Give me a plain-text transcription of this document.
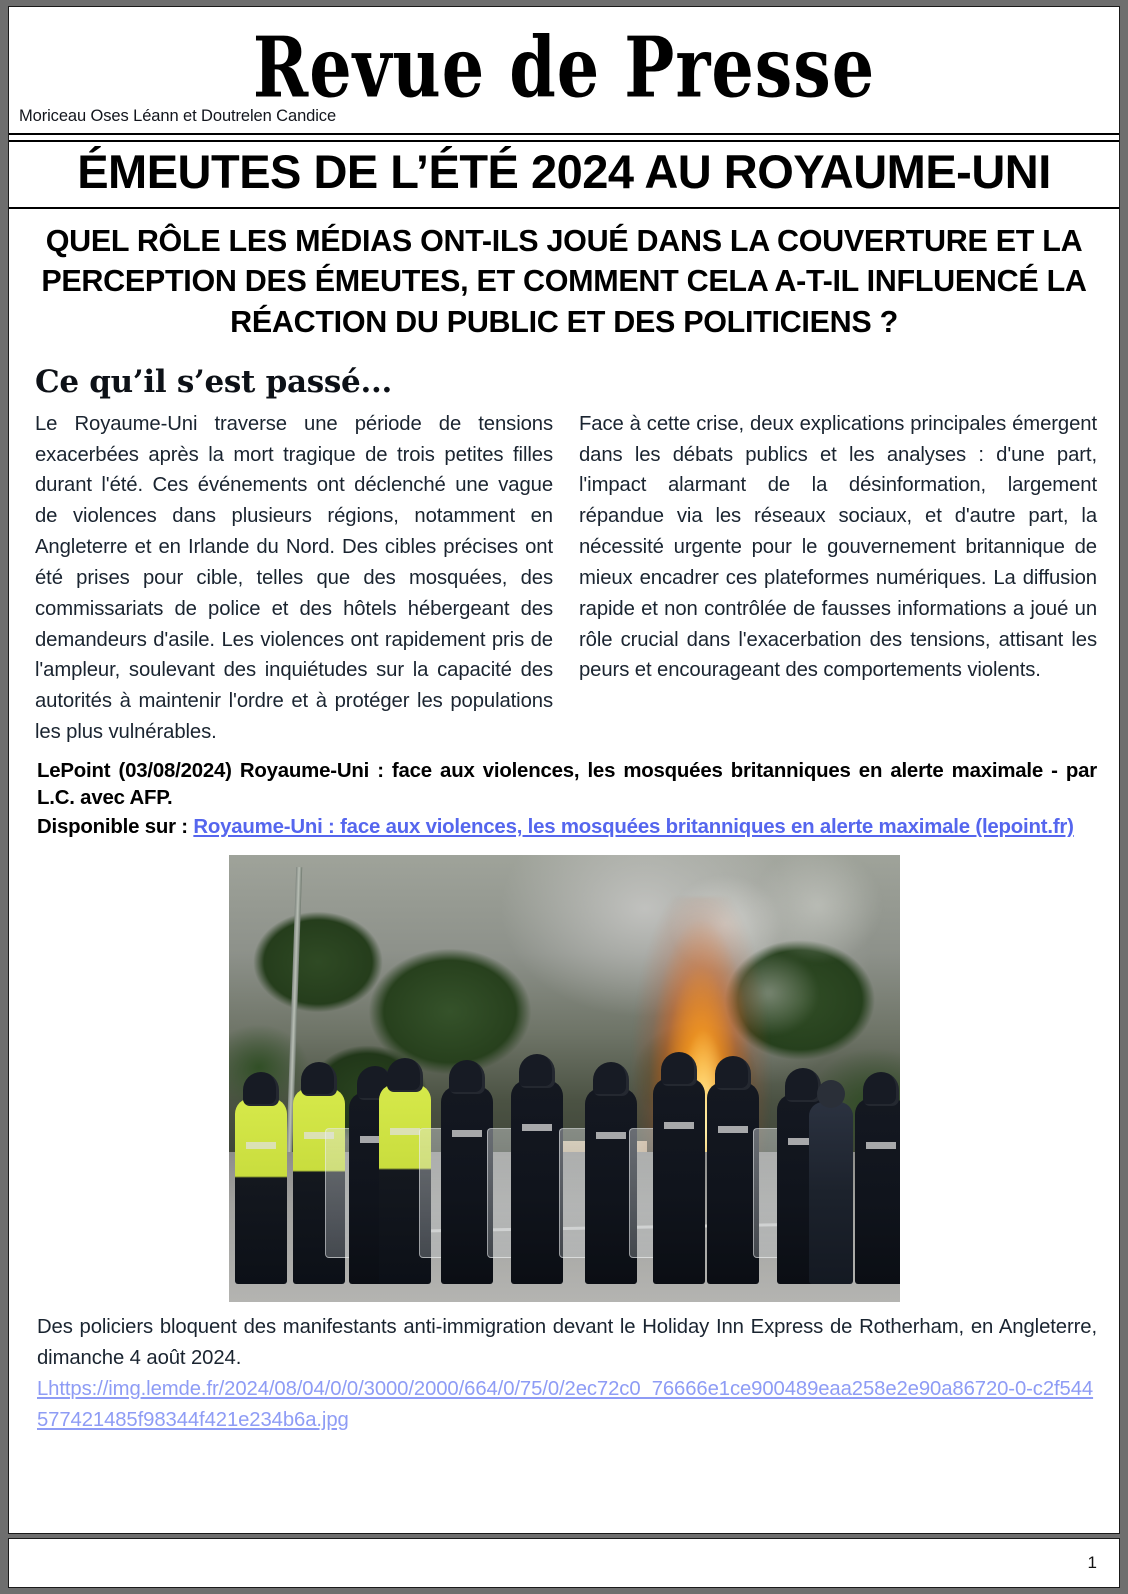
Revue de Presse
Moriceau Oses Léann et Doutrelen Candice
ÉMEUTES DE L’ÉTÉ 2024 AU ROYAUME-UNI
QUEL RÔLE LES MÉDIAS ONT-ILS JOUÉ DANS LA COUVERTURE ET LA PERCEPTION DES ÉMEUTES, ET COMMENT CELA A-T-IL INFLUENCÉ LA RÉACTION DU PUBLIC ET DES POLITICIENS ?
Ce qu’il s’est passé...

Le Royaume-Uni traverse une période de tensions exacerbées après la mort tragique de trois petites filles durant l'été. Ces événements ont déclenché une vague de violences dans plusieurs régions, notamment en Angleterre et en Irlande du Nord. Des cibles précises ont été prises pour cible, telles que des mosquées, des commissariats de police et des hôtels hébergeant des demandeurs d'asile. Les violences ont rapidement pris de l'ampleur, soulevant des inquiétudes sur la capacité des autorités à maintenir l'ordre et à protéger les populations les plus vulnérables.

Face à cette crise, deux explications principales émergent dans les débats publics et les analyses : d'une part, l'impact alarmant de la désinformation, largement répandue via les réseaux sociaux, et d'autre part, la nécessité urgente pour le gouvernement britannique de mieux encadrer ces plateformes numériques. La diffusion rapide et non contrôlée de fausses informations a joué un rôle crucial dans l'exacerbation des tensions, attisant les peurs et encourageant des comportements violents.

LePoint (03/08/2024) Royaume-Uni : face aux violences, les mosquées britanniques en alerte maximale - par L.C. avec AFP.
Disponible sur : Royaume-Uni : face aux violences, les mosquées britanniques en alerte maximale (lepoint.fr)
Des policiers bloquent des manifestants anti-immigration devant le Holiday Inn Express de Rotherham, en Angleterre, dimanche 4 août 2024.
Lhttps://img.lemde.fr/2024/08/04/0/0/3000/2000/664/0/75/0/2ec72c0_76666e1ce900489eaa258e2e90a86720-0-c2f544577421485f98344f421e234b6a.jpg
1
